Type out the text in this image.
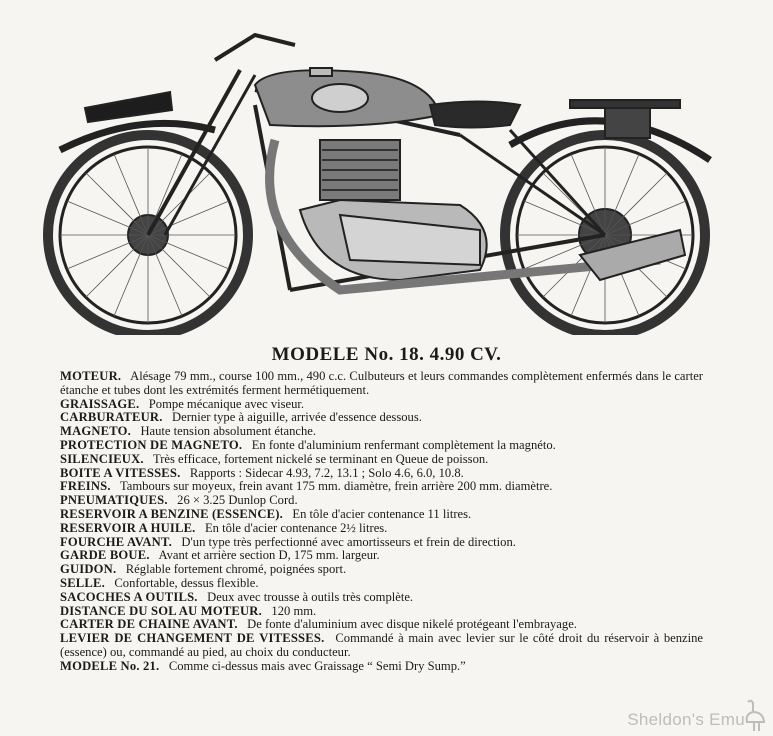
MODELE No. 18. 4.90 CV.
MOTEUR.  Alésage 79 mm., course 100 mm., 490 c.c. Culbuteurs et leurs commandes complètement enfermés dans le carter étanche et tubes dont les extrémités ferment hermétiquement.
GRAISSAGE.  Pompe mécanique avec viseur.
CARBURATEUR.  Dernier type à aiguille, arrivée d'essence dessous.
MAGNETO.  Haute tension absolument étanche.
PROTECTION DE MAGNETO.  En fonte d'aluminium renfermant complètement la magnéto.
SILENCIEUX.  Très efficace, fortement nickelé se terminant en Queue de poisson.
BOITE A VITESSES.  Rapports : Sidecar 4.93, 7.2, 13.1 ; Solo 4.6, 6.0, 10.8.
FREINS.  Tambours sur moyeux, frein avant 175 mm. diamètre, frein arrière 200 mm. diamètre.
PNEUMATIQUES.  26 × 3.25 Dunlop Cord.
RESERVOIR A BENZINE (ESSENCE).  En tôle d'acier contenance 11 litres.
RESERVOIR A HUILE.  En tôle d'acier contenance 2½ litres.
FOURCHE AVANT.  D'un type très perfectionné avec amortisseurs et frein de direction.
GARDE BOUE.  Avant et arrière section D, 175 mm. largeur.
GUIDON.  Réglable fortement chromé, poignées sport.
SELLE.  Confortable, dessus flexible.
SACOCHES A OUTILS.  Deux avec trousse à outils très complète.
DISTANCE DU SOL AU MOTEUR.  120 mm.
CARTER DE CHAINE AVANT.  De fonte d'aluminium avec disque nikelé protégeant l'embrayage.
LEVIER DE CHANGEMENT DE VITESSES.  Commandé à main avec levier sur le côté droit du réservoir à benzine (essence) ou, commandé au pied, au choix du conducteur.
MODELE No. 21.  Comme ci-dessus mais avec Graissage “ Semi Dry Sump.”
Sheldon's Emu
